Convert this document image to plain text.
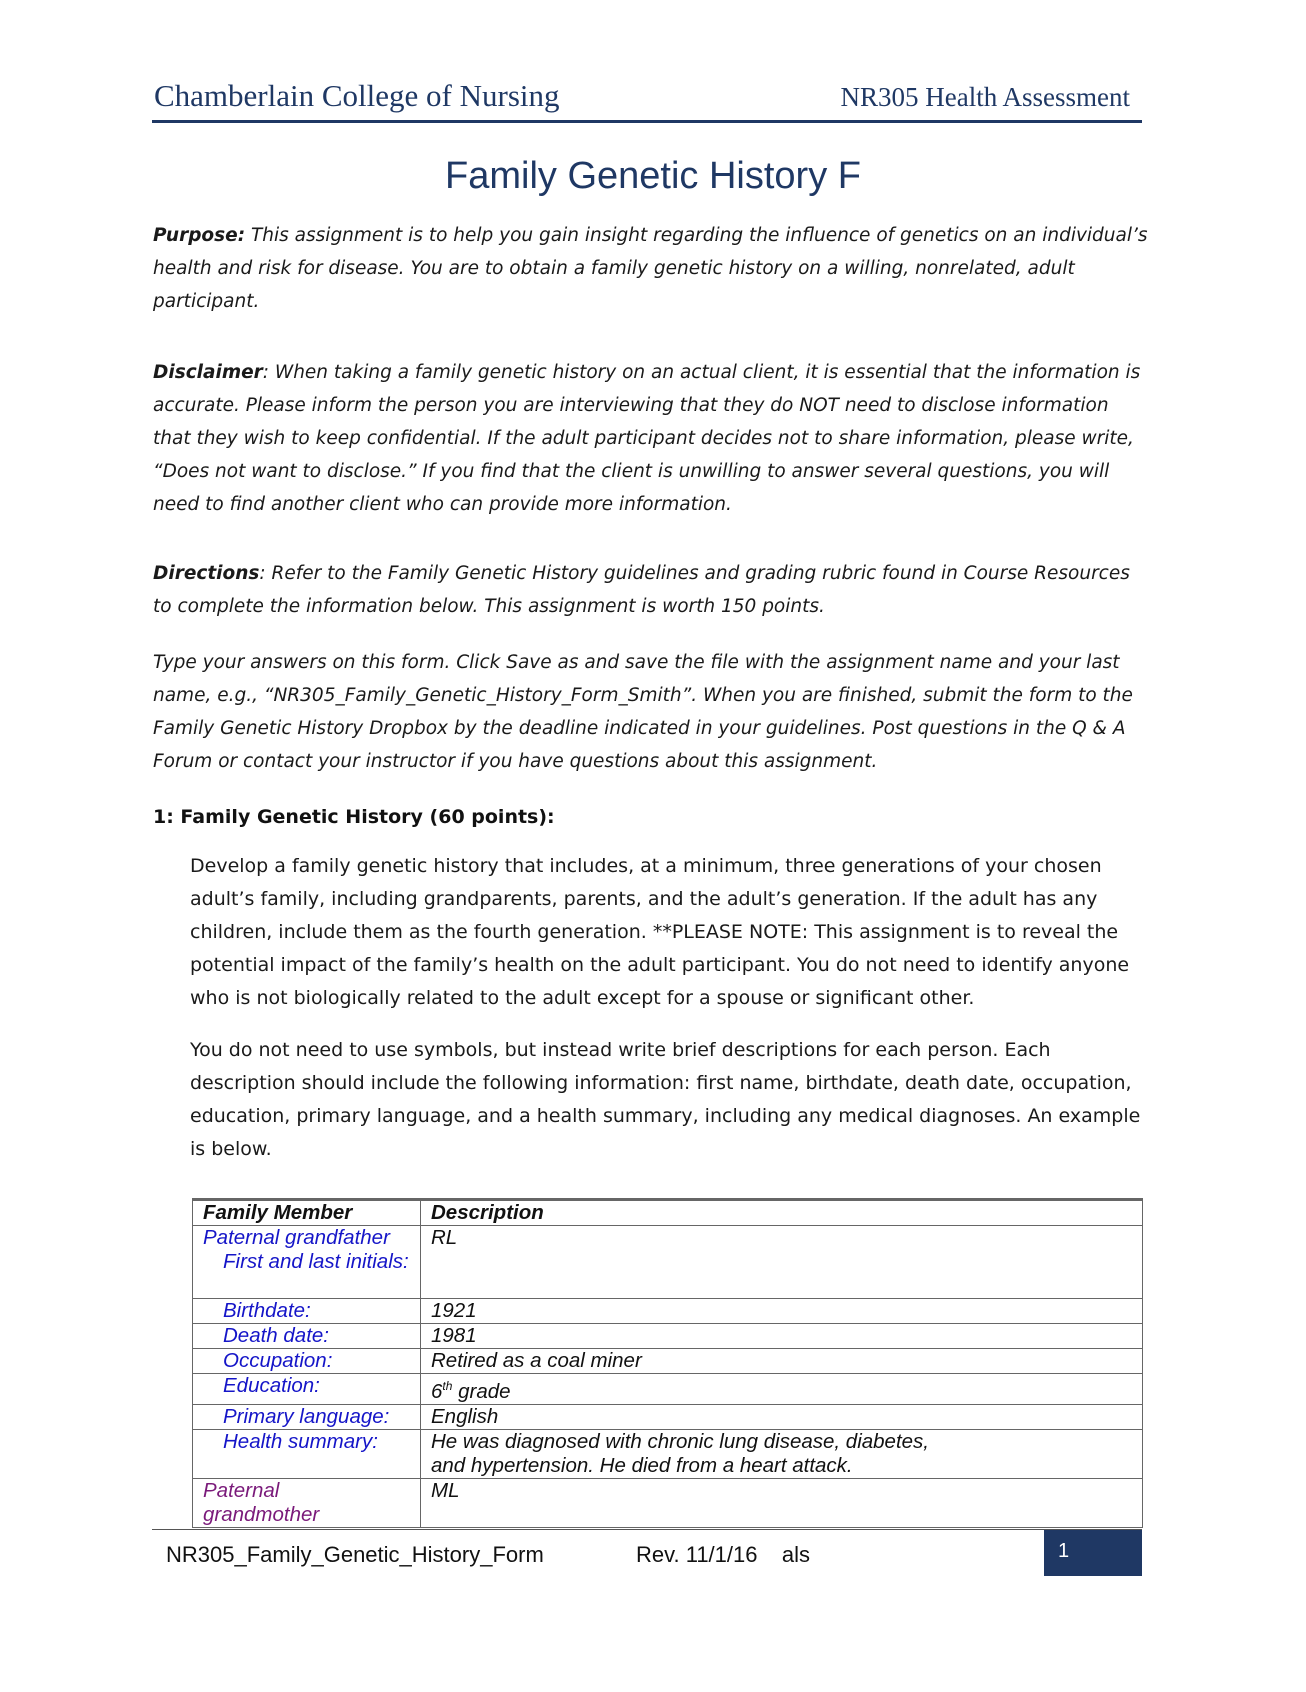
Chamberlain College of Nursing	NR305 Health Assessment
Family Genetic History F
Purpose: This assignment is to help you gain insight regarding the influence of genetics on an individual’s health and risk for disease. You are to obtain a family genetic history on a willing, nonrelated, adult participant.
Disclaimer: When taking a family genetic history on an actual client, it is essential that the information is accurate. Please inform the person you are interviewing that they do NOT need to disclose information that they wish to keep confidential. If the adult participant decides not to share information, please write, “Does not want to disclose.” If you find that the client is unwilling to answer several questions, you will need to find another client who can provide more information.
Directions: Refer to the Family Genetic History guidelines and grading rubric found in Course Resources to complete the information below. This assignment is worth 150 points.
Type your answers on this form. Click Save as and save the file with the assignment name and your last name, e.g., “NR305_Family_Genetic_History_Form_Smith”. When you are finished, submit the form to the Family Genetic History Dropbox by the deadline indicated in your guidelines. Post questions in the Q & A Forum or contact your instructor if you have questions about this assignment.
1: Family Genetic History (60 points):
Develop a family genetic history that includes, at a minimum, three generations of your chosen adult’s family, including grandparents, parents, and the adult’s generation. If the adult has any children, include them as the fourth generation. **PLEASE NOTE: This assignment is to reveal the potential impact of the family’s health on the adult participant. You do not need to identify anyone who is not biologically related to the adult except for a spouse or significant other.
You do not need to use symbols, but instead write brief descriptions for each person. Each description should include the following information: first name, birthdate, death date, occupation, education, primary language, and a health summary, including any medical diagnoses. An example is below.
Family Member	Description

Paternal grandfather
First and last initials:	RL
Birthdate:	1921
Death date:	1981
Occupation:	Retired as a coal miner
Education:	6th grade
Primary language:	English
Health summary:	He was diagnosed with chronic lung disease, diabetes, and hypertension. He died from a heart attack.
Paternal grandmother	ML
NR305_Family_Genetic_History_Form	Rev. 11/1/16    als	1
